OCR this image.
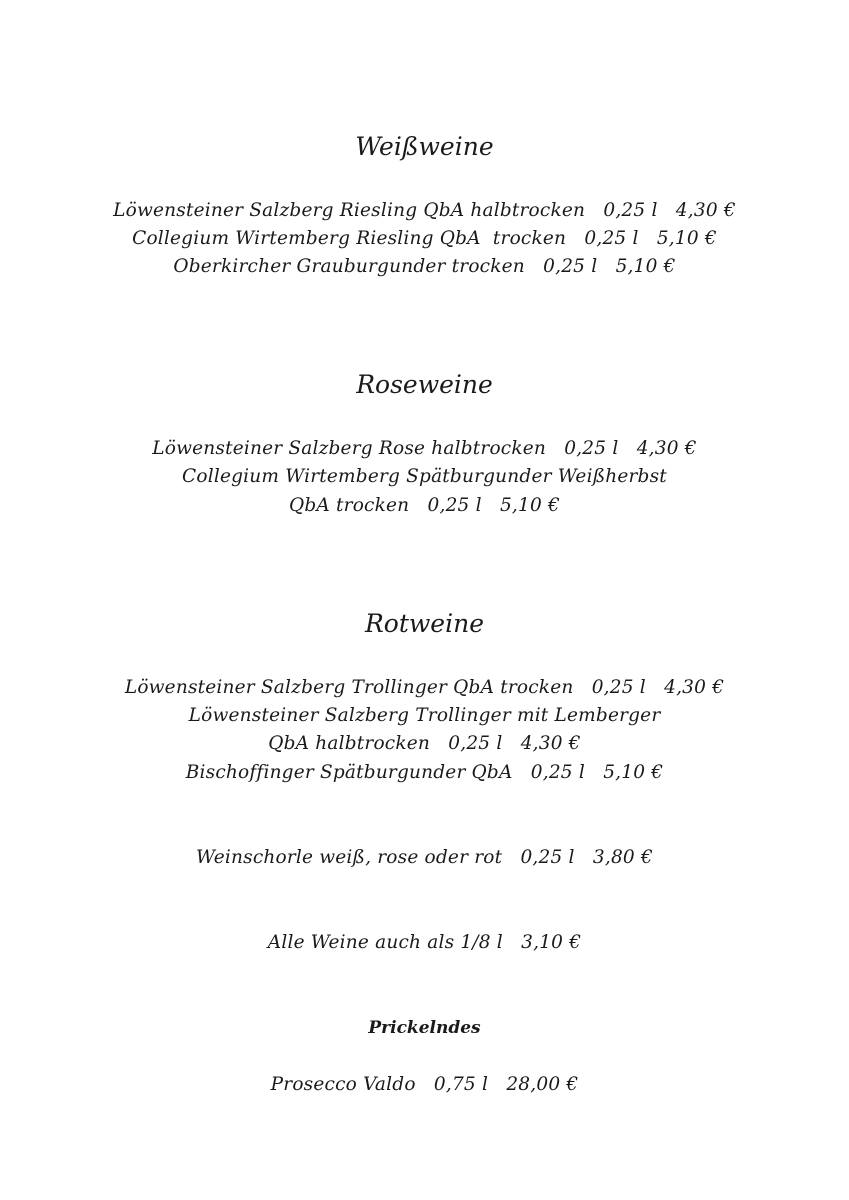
Weißweine
Löwensteiner Salzberg Riesling QbA halbtrocken   0,25 l   4,30 €
Collegium Wirtemberg Riesling QbA  trocken   0,25 l   5,10 €
Oberkircher Grauburgunder trocken   0,25 l   5,10 €
Roseweine
Löwensteiner Salzberg Rose halbtrocken   0,25 l   4,30 €
Collegium Wirtemberg Spätburgunder Weißherbst
QbA trocken   0,25 l   5,10 €
Rotweine
Löwensteiner Salzberg Trollinger QbA trocken   0,25 l   4,30 €
Löwensteiner Salzberg Trollinger mit Lemberger
QbA halbtrocken   0,25 l   4,30 €
Bischoffinger Spätburgunder QbA   0,25 l   5,10 €
Weinschorle weiß, rose oder rot   0,25 l   3,80 €
Alle Weine auch als 1/8 l   3,10 €
Prickelndes
Prosecco Valdo   0,75 l   28,00 €
